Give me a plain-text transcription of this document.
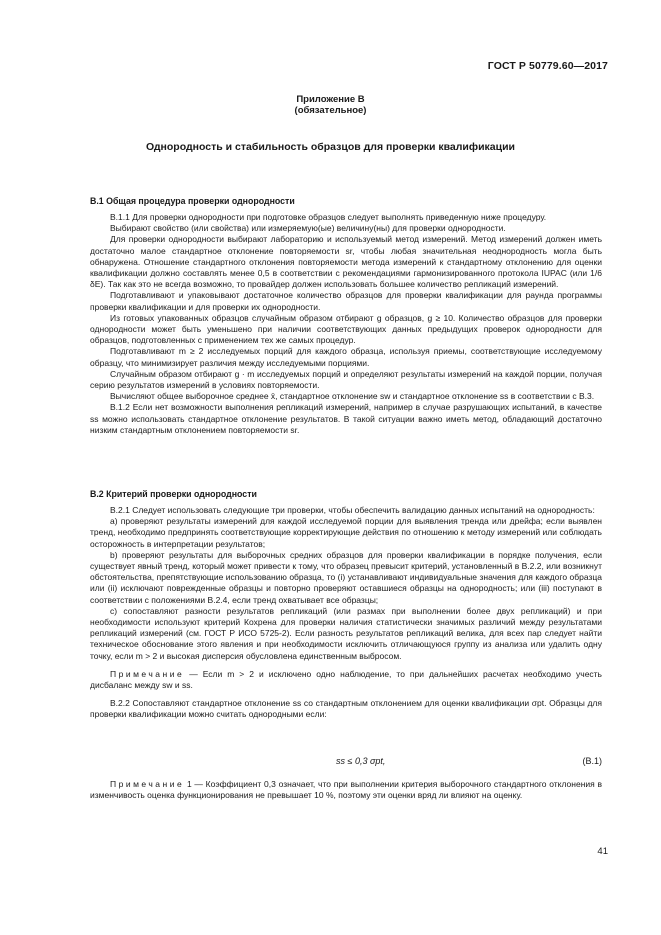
ГОСТ Р 50779.60—2017
Приложение B
(обязательное)
Однородность и стабильность образцов для проверки квалификации
B.1 Общая процедура проверки однородности

B.1.1 Для проверки однородности при подготовке образцов следует выполнять приведенную ниже процедуру.

Выбирают свойство (или свойства) или измеряемую(ые) величину(ны) для проверки однородности.

Для проверки однородности выбирают лабораторию и используемый метод измерений. Метод измерений должен иметь достаточно малое стандартное отклонение повторяемости sr, чтобы любая значительная неоднородность могла быть обнаружена. Отношение стандартного отклонения повторяемости метода измерений к стандартному отклонению для оценки квалификации должно составлять менее 0,5 в соответствии с рекомендациями гармонизированного протокола IUPAC (или 1/6 δE). Так как это не всегда возможно, то провайдер должен использовать большее количество репликаций измерений.

Подготавливают и упаковывают достаточное количество образцов для проверки квалификации для раунда программы проверки квалификации и для проверки их однородности.

Из готовых упакованных образцов случайным образом отбирают g образцов, g ≥ 10. Количество образцов для проверки однородности может быть уменьшено при наличии соответствующих данных предыдущих проверок однородности для образцов, подготовленных с применением тех же самых процедур.

Подготавливают m ≥ 2 исследуемых порций для каждого образца, используя приемы, соответствующие исследуемому образцу, что минимизирует различия между исследуемыми порциями.

Случайным образом отбирают g · m исследуемых порций и определяют результаты измерений на каждой порции, получая серию результатов измерений в условиях повторяемости.

Вычисляют общее выборочное среднее x̄, стандартное отклонение sw и стандартное отклонение ss в соответствии с B.3.

B.1.2 Если нет возможности выполнения репликаций измерений, например в случае разрушающих испытаний, в качестве ss можно использовать стандартное отклонение результатов. В такой ситуации важно иметь метод, обладающий достаточно низким стандартным отклонением повторяемости sr.

B.2 Критерий проверки однородности

B.2.1 Следует использовать следующие три проверки, чтобы обеспечить валидацию данных испытаний на однородность:

а) проверяют результаты измерений для каждой исследуемой порции для выявления тренда или дрейфа; если выявлен тренд, необходимо предпринять соответствующие корректирующие действия по отношению к методу измерений или соблюдать осторожность в интерпретации результатов;

b) проверяют результаты для выборочных средних образцов для проверки квалификации в порядке получения, если существует явный тренд, который может привести к тому, что образец превысит критерий, установленный в B.2.2, или возникнут обстоятельства, препятствующие использованию образца, то (i) устанавливают индивидуальные значения для каждого образца или (ii) исключают поврежденные образцы и повторно проверяют оставшиеся образцы на однородность; или (iii) поступают в соответствии с положениями B.2.4, если тренд охватывает все образцы;

с) сопоставляют разности результатов репликаций (или размах при выполнении более двух репликаций) и при необходимости используют критерий Кохрена для проверки наличия статистически значимых различий между результатами репликаций измерений (см. ГОСТ Р ИСО 5725-2). Если разность результатов репликаций велика, для всех пар следует найти техническое обоснование этого явления и при необходимости исключить отличающуюся группу из анализа или удалить одну точку, если m > 2 и высокая дисперсия обусловлена единственным выбросом.

Примечание — Если m > 2 и исключено одно наблюдение, то при дальнейших расчетах необходимо учесть дисбаланс между sw и ss.

B.2.2 Сопоставляют стандартное отклонение ss со стандартным отклонением для оценки квалификации σpt. Образцы для проверки квалификации можно считать однородными если:

ss ≤ 0,3 σpt,	(B.1)

Примечание 1 — Коэффициент 0,3 означает, что при выполнении критерия выборочного стандартного отклонения в изменчивость оценка функционирования не превышает 10 %, поэтому эти оценки вряд ли влияют на оценку.

41
